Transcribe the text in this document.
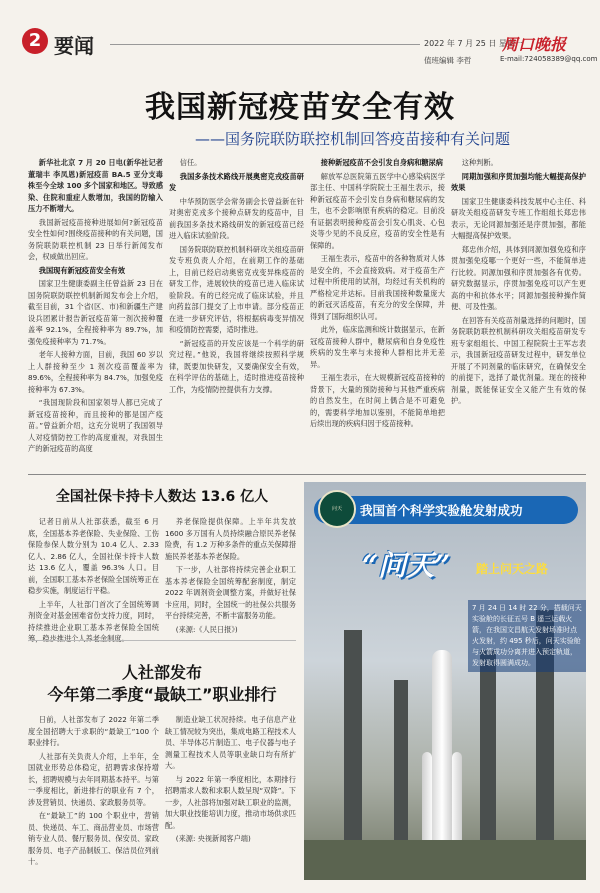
2 要闻	2022 年 7 月 25 日 星期一
周口晚报
值班编辑 李哲	E-mail:724058389@qq.com
我国新冠疫苗安全有效
——国务院联防联控机制回答疫苗接种有关问题

新华社北京 7 月 20 日电(新华社记者 董瑞丰 李凤恩)新冠疫苗 BA.5 亚分支毒株至今全球 100 多个国家和地区。导致感染、住院和重症人数增加，我国的防输入压力不断增大。

我国新冠疫苗接种进展如何?新冠疫苗安全性如何?围绕疫苗接种的有关问题，国务院联防联控机制 23 日举行新闻发布会，权威做出回应。

我国现有新冠疫苗安全有效

国家卫生健康委副主任曾益新 23 日在国务院联防联控机制新闻发布会上介绍，截至目前，31 个省(区、市)和新疆生产建设兵团累计报告新冠疫苗第一剂次接种覆盖率 92.1%，全程接种率为 89.7%，加强免疫接种率为 71.7%。

老年人接种方面，目前，我国 60 岁以上人群接种至少 1 剂次疫苗覆盖率为 89.6%，全程接种率为 84.7%，加强免疫接种率为 67.3%。

“我国现阶段和国家领导人都已完成了新冠疫苗接种，而且接种的都是国产疫苗。”曾益新介绍，这充分说明了我国领导人对疫情防控工作的高度重视，对我国生产的新冠疫苗的高度

信任。

我国多条技术路线开展奥密克戎疫苗研发

中华预防医学会常务副会长曾益新在针对奥密克戎多个接种点研发的疫苗中，目前我国多条技术路线研发的新冠疫苗已经进入临床试验阶段。

国务院联防联控机制科研攻关组疫苗研发专班负责人介绍，在前期工作的基础上，目前已经启动奥密克戎变异株疫苗的研发工作，进展较快的疫苗已进入临床试验阶段。有的已经完成了临床试验，并且向药监部门提交了上市申请。部分疫苗正在进一步研究评估，将根据病毒变异情况和疫情防控需要，适时推进。

“新冠疫苗的开发应该是一个科学的研究过程。”他说，我国将继续按照科学规律，既要加快研发，又要确保安全有效，在科学评估的基础上，适时推进疫苗接种工作，为疫情防控提供有力支撑。

接种新冠疫苗不会引发自身病和糖尿病

解放军总医院第五医学中心感染病医学部主任、中国科学院院士王福生表示，接种新冠疫苗不会引发自身病和糖尿病的发生，也不会影响原有疾病的稳定。目前没有证据表明接种疫苗会引发心肌炎、心包炎等少见的不良反应，疫苗的安全性是有保障的。

王福生表示，疫苗中的各种物质对人体是安全的，不会直接致病。对于疫苗生产过程中所使用的试剂，均经过有关机构的严格检定并达标。目前我国接种数量庞大的新冠灭活疫苗，有充分的安全保障，并得到了国际组织认可。

此外，临床监测和统计数据显示，在新冠疫苗接种人群中，糖尿病和自身免疫性疾病的发生率与未接种人群相比并无差异。

王福生表示，在大规模新冠疫苗接种的背景下，大量的预防接种与其他严重疾病的自然发生，在时间上偶合是不可避免的，需要科学地加以鉴别，不能简单地把后续出现的疾病归因于疫苗接种。

这种判断。

同期加强和序贯加强均能大幅提高保护效果

国家卫生健康委科技发展中心主任、科研攻关组疫苗研发专班工作组组长郑忠伟表示，无论同源加强还是序贯加强，都能大幅提高保护效果。

郑忠伟介绍，具体到同源加强免疫和序贯加强免疫哪一个更好一些，不能简单进行比较。同源加强和序贯加强各有优势。研究数据显示，序贯加强免疫可以产生更高的中和抗体水平；同源加强接种操作简便、可及性强。

在回答有关疫苗剂量选择的问题时，国务院联防联控机制科研攻关组疫苗研发专班专家组组长、中国工程院院士王军志表示，我国新冠疫苗研发过程中，研发单位开展了不同剂量的临床研究，在确保安全的前提下，选择了最优剂量。现在的接种剂量，既能保证安全又能产生有效的保护。

全国社保卡持卡人数达 13.6 亿人

记者日前从人社部获悉，截至 6 月底，全国基本养老保险、失业保险、工伤保险参保人数分别为 10.4 亿人、2.33 亿人、2.86 亿人，全国社保卡持卡人数达 13.6 亿人，覆盖 96.3% 人口。目前，全国职工基本养老保险全国统筹正在稳步实施，制度运行平稳。

上半年，人社部门首次了全国统筹调剂资金对基金困难省份支持力度，同时，持续推进企业职工基本养老保险全国统筹，稳步推进个人养老金制度。

养老保险提供保障。上半年共发放 1600 多万国有人员持续融合原民养老保险费，有 1.2 万种多条件的重点关保障措施民养老基本养老保险。

下一步，人社部将持续完善企业职工基本养老保险全国统筹配套制度，制定 2022 年调剂资金调整方案，并做好社保卡应用，同时，全国统一的社保公共服务平台持续完善，不断丰富服务功能。

(来源:《人民日报》)

人社部发布
今年第二季度“最缺工”职业排行

日前，人社部发布了 2022 年第二季度全国招聘大于求职的“最缺工”100 个职业排行。

人社部有关负责人介绍，上半年，全国就业形势总体稳定，招聘需求保持增长，招聘规模与去年同期基本持平。与第一季度相比，新进排行的职业有 7 个，涉及营销员、快递员、家政服务员等。

在“最缺工”的 100 个职业中，营销员、快递员、车工、商品营业员、市场营销专业人员、餐厅服务员、保安员、家政服务员、电子产品制版工、保洁员位列前十。

制造业缺工状况持续。电子信息产业缺工情况较为突出，集成电路工程技术人员、半导体芯片制造工、电子仪器与电子测量工程技术人员等职业缺口均有所扩大。

与 2022 年第一季度相比，本期排行招聘需求人数和求职人数呈现“双降”。下一步，人社部将加强对缺工职业的监测，加大职业技能培训力度，推动市场供求匹配。

(来源: 央视新闻客户端)

问天	我国首个科学实验舱发射成功
“问天” 踏上问天之路
7 月 24 日 14 时 22 分，搭载问天实验舱的长征五号 B 遥三运载火箭，在我国文昌航天发射场准时点火发射，约 495 秒后，问天实验舱与火箭成功分离并进入预定轨道，发射取得圆满成功。
